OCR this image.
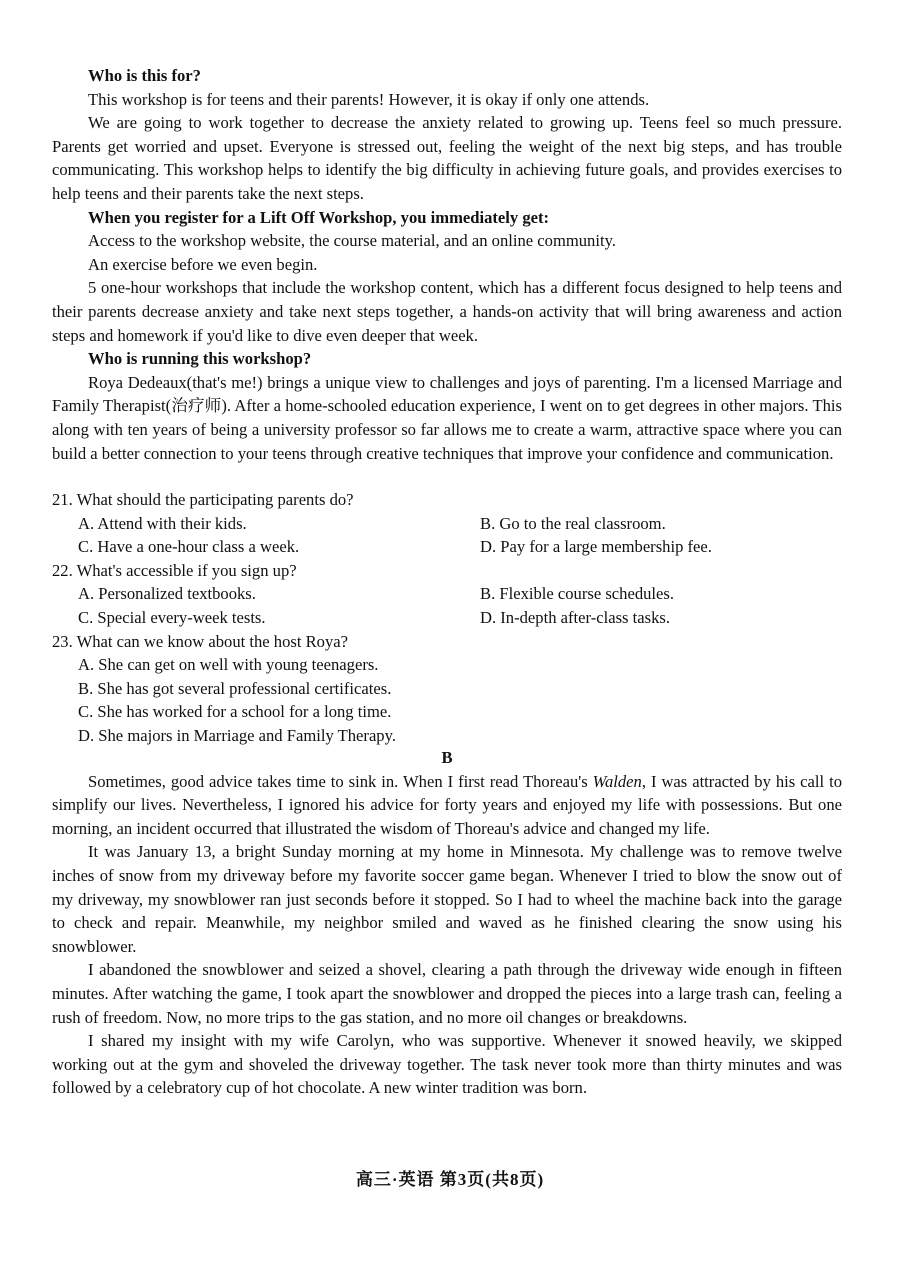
Who is this for?

This workshop is for teens and their parents! However, it is okay if only one attends.

We are going to work together to decrease the anxiety related to growing up. Teens feel so much pressure. Parents get worried and upset. Everyone is stressed out, feeling the weight of the next big steps, and has trouble communicating. This workshop helps to identify the big difficulty in achieving future goals, and provides exercises to help teens and their parents take the next steps.

When you register for a Lift Off Workshop, you immediately get:

Access to the workshop website, the course material, and an online community.

An exercise before we even begin.

5 one-hour workshops that include the workshop content, which has a different focus designed to help teens and their parents decrease anxiety and take next steps together, a hands-on activity that will bring awareness and action steps and homework if you'd like to dive even deeper that week.

Who is running this workshop?

Roya Dedeaux(that's me!) brings a unique view to challenges and joys of parenting. I'm a licensed Marriage and Family Therapist(治疗师). After a home-schooled education experience, I went on to get degrees in other majors. This along with ten years of being a university professor so far allows me to create a warm, attractive space where you can build a better connection to your teens through creative techniques that improve your confidence and communication.

21. What should the participating parents do?

A. Attend with their kids.	B. Go to the real classroom.
C. Have a one-hour class a week.	D. Pay for a large membership fee.

22. What's accessible if you sign up?

A. Personalized textbooks.	B. Flexible course schedules.
C. Special every-week tests.	D. In-depth after-class tasks.

23. What can we know about the host Roya?

A. She can get on well with young teenagers.
B. She has got several professional certificates.
C. She has worked for a school for a long time.
D. She majors in Marriage and Family Therapy.

B

Sometimes, good advice takes time to sink in. When I first read Thoreau's Walden, I was attracted by his call to simplify our lives. Nevertheless, I ignored his advice for forty years and enjoyed my life with possessions. But one morning, an incident occurred that illustrated the wisdom of Thoreau's advice and changed my life.

It was January 13, a bright Sunday morning at my home in Minnesota. My challenge was to remove twelve inches of snow from my driveway before my favorite soccer game began. Whenever I tried to blow the snow out of my driveway, my snowblower ran just seconds before it stopped. So I had to wheel the machine back into the garage to check and repair. Meanwhile, my neighbor smiled and waved as he finished clearing the snow using his snowblower.

I abandoned the snowblower and seized a shovel, clearing a path through the driveway wide enough in fifteen minutes. After watching the game, I took apart the snowblower and dropped the pieces into a large trash can, feeling a rush of freedom. Now, no more trips to the gas station, and no more oil changes or breakdowns.

I shared my insight with my wife Carolyn, who was supportive. Whenever it snowed heavily, we skipped working out at the gym and shoveled the driveway together. The task never took more than thirty minutes and was followed by a celebratory cup of hot chocolate. A new winter tradition was born.

高三·英语 第3页(共8页)
